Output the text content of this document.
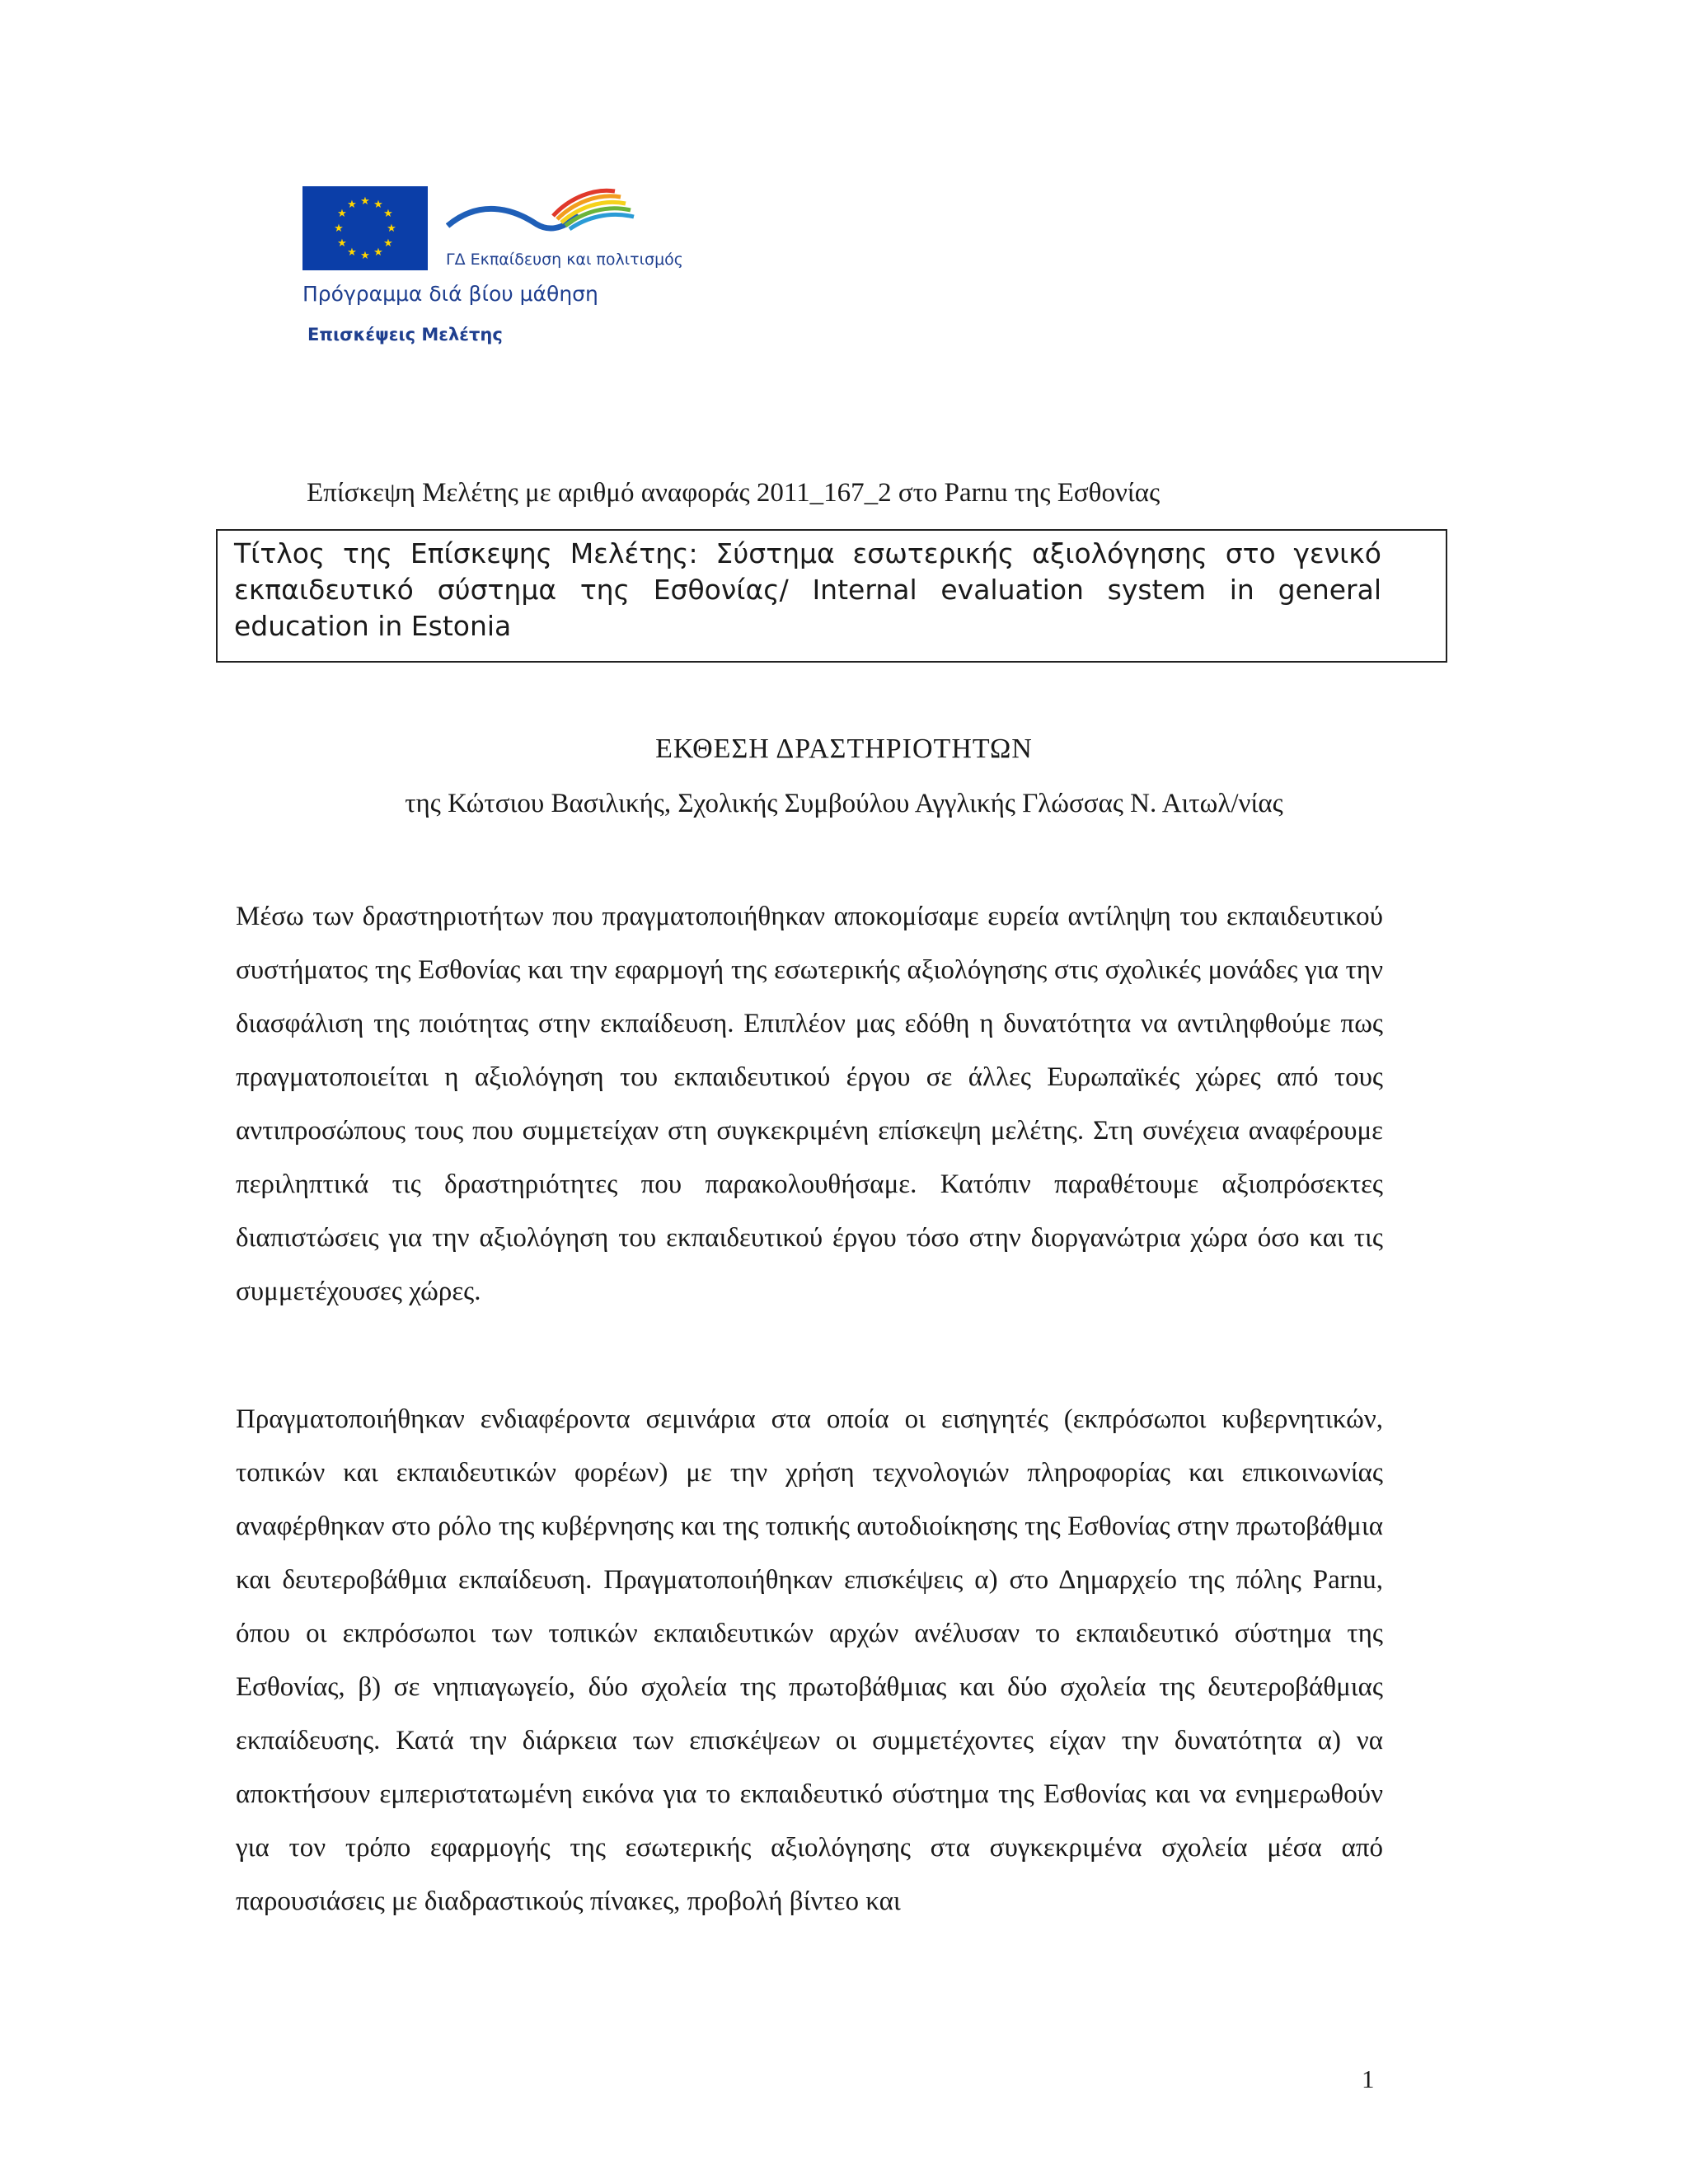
★ ★
★
★
★
★
★
★
★
★
★
★
ΓΔ Εκπαίδευση και πολιτισμός
Πρόγραμμα διά βίου μάθηση
Επισκέψεις Μελέτης
Επίσκεψη Μελέτης με αριθμό αναφοράς 2011_167_2 στο Parnu της Εσθονίας
Τίτλος της Επίσκεψης Μελέτης: Σύστημα εσωτερικής αξιολόγησης στο γενικό εκπαιδευτικό σύστημα της Εσθονίας/ Internal evaluation system in general education in Estonia
ΕΚΘΕΣΗ ΔΡΑΣΤΗΡΙΟΤΗΤΩΝ
της Κώτσιου Βασιλικής, Σχολικής Συμβούλου Αγγλικής Γλώσσας Ν. Αιτωλ/νίας

Μέσω των δραστηριοτήτων που πραγματοποιήθηκαν αποκομίσαμε ευρεία αντίληψη του εκπαιδευτικού συστήματος της Εσθονίας και την εφαρμογή της εσωτερικής αξιολόγησης στις σχολικές μονάδες για την διασφάλιση της ποιότητας στην εκπαίδευση. Επιπλέον μας εδόθη η δυνατότητα να αντιληφθούμε πως πραγματοποιείται η αξιολόγηση του εκπαιδευτικού έργου σε άλλες Ευρωπαϊκές χώρες από τους αντιπροσώπους τους που συμμετείχαν στη συγκεκριμένη επίσκεψη μελέτης. Στη συνέχεια αναφέρουμε περιληπτικά τις δραστηριότητες που παρακολουθήσαμε. Κατόπιν παραθέτουμε αξιοπρόσεκτες διαπιστώσεις για την αξιολόγηση του εκπαιδευτικού έργου τόσο στην διοργανώτρια χώρα όσο και τις συμμετέχουσες χώρες.

Πραγματοποιήθηκαν ενδιαφέροντα σεμινάρια στα οποία οι εισηγητές (εκπρόσωποι κυβερνητικών, τοπικών και εκπαιδευτικών φορέων) με την χρήση τεχνολογιών πληροφορίας και επικοινωνίας αναφέρθηκαν στο ρόλο της κυβέρνησης και της τοπικής αυτοδιοίκησης της Εσθονίας στην πρωτοβάθμια και δευτεροβάθμια εκπαίδευση. Πραγματοποιήθηκαν επισκέψεις α) στο Δημαρχείο της πόλης Parnu, όπου οι εκπρόσωποι των τοπικών εκπαιδευτικών αρχών ανέλυσαν το εκπαιδευτικό σύστημα της Εσθονίας, β) σε νηπιαγωγείο, δύο σχολεία της πρωτοβάθμιας και δύο σχολεία της δευτεροβάθμιας εκπαίδευσης. Κατά την διάρκεια των επισκέψεων οι συμμετέχοντες είχαν την δυνατότητα α) να αποκτήσουν εμπεριστατωμένη εικόνα για το εκπαιδευτικό σύστημα της Εσθονίας και να ενημερωθούν για τον τρόπο εφαρμογής της εσωτερικής αξιολόγησης στα συγκεκριμένα σχολεία μέσα από παρουσιάσεις με διαδραστικούς πίνακες, προβολή βίντεο και

1
